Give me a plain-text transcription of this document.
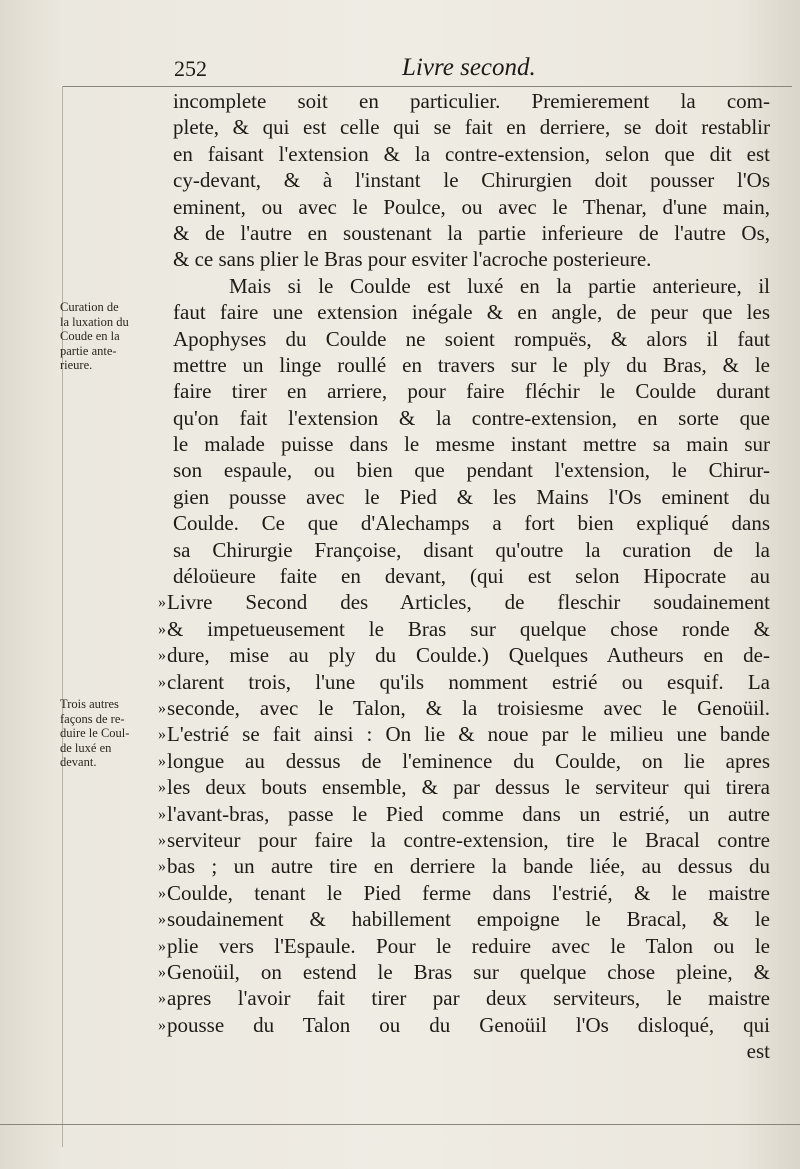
252	Livre second.
Curation de
la luxation du
Coude en la
partie ante-
rieure.
Trois autres
façons de re-
duire le Coul-
de luxé en
devant.
incomplete soit en particulier. Premierement la com-
plete, & qui est celle qui se fait en derriere, se doit restablir
en faisant l'extension & la contre-extension, selon que dit est
cy-devant, & à l'instant le Chirurgien doit pousser l'Os
eminent, ou avec le Poulce, ou avec le Thenar, d'une main,
& de l'autre en soustenant la partie inferieure de l'autre Os,
& ce sans plier le Bras pour esviter l'acroche posterieure.
Mais si le Coulde est luxé en la partie anterieure, il
faut faire une extension inégale & en angle, de peur que les
Apophyses du Coulde ne soient rompuës, & alors il faut
mettre un linge roullé en travers sur le ply du Bras, & le
faire tirer en arriere, pour faire fléchir le Coulde durant
qu'on fait l'extension & la contre-extension, en sorte que
le malade puisse dans le mesme instant mettre sa main sur
son espaule, ou bien que pendant l'extension, le Chirur-
gien pousse avec le Pied & les Mains l'Os eminent du
Coulde. Ce que d'Alechamps a fort bien expliqué dans
sa Chirurgie Françoise, disant qu'outre la curation de la
déloüeure faite en devant, (qui est selon Hipocrate au
»Livre Second des Articles, de fleschir soudainement
»& impetueusement le Bras sur quelque chose ronde &
»dure, mise au ply du Coulde.) Quelques Autheurs en de-
»clarent trois, l'une qu'ils nomment estrié ou esquif. La
»seconde, avec le Talon, & la troisiesme avec le Genoüil.
»L'estrié se fait ainsi : On lie & noue par le milieu une bande
»longue au dessus de l'eminence du Coulde, on lie apres
»les deux bouts ensemble, & par dessus le serviteur qui tirera
»l'avant-bras, passe le Pied comme dans un estrié, un autre
»serviteur pour faire la contre-extension, tire le Bracal contre
»bas ; un autre tire en derriere la bande liée, au dessus du
»Coulde, tenant le Pied ferme dans l'estrié, & le maistre
»soudainement & habillement empoigne le Bracal, & le
»plie vers l'Espaule. Pour le reduire avec le Talon ou le
»Genoüil, on estend le Bras sur quelque chose pleine, &
»apres l'avoir fait tirer par deux serviteurs, le maistre
»pousse du Talon ou du Genoüil l'Os disloqué, qui
est
